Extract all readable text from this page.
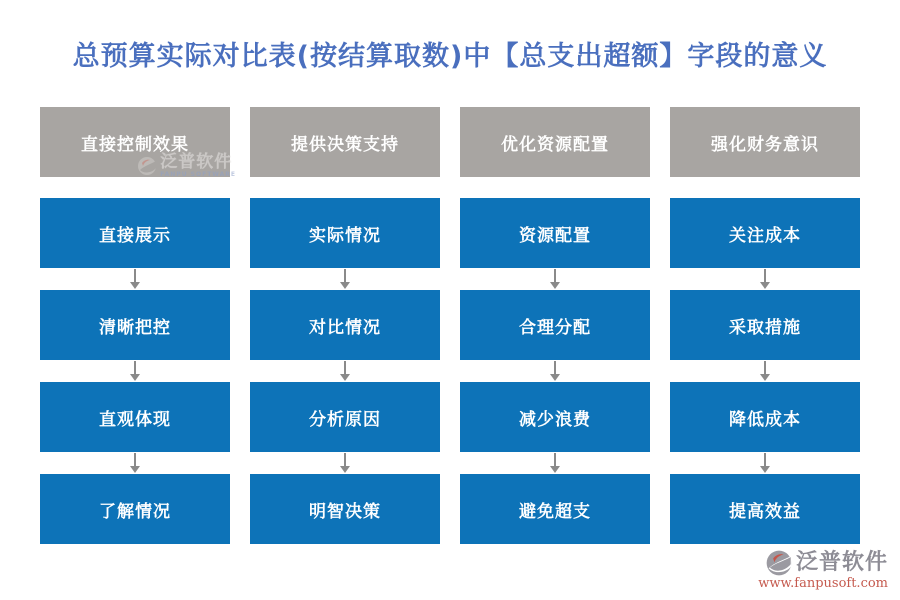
总预算实际对比表(按结算取数)中【总支出超额】字段的意义
直接控制效果
泛普软件
FANPU SOFTWARE
直接展示
清晰把控
直观体现
了解情况
提供决策支持
实际情况
对比情况
分析原因
明智决策
优化资源配置
资源配置
合理分配
减少浪费
避免超支
强化财务意识
关注成本
采取措施
降低成本
提高效益
泛普软件
www.fanpusoft.com
